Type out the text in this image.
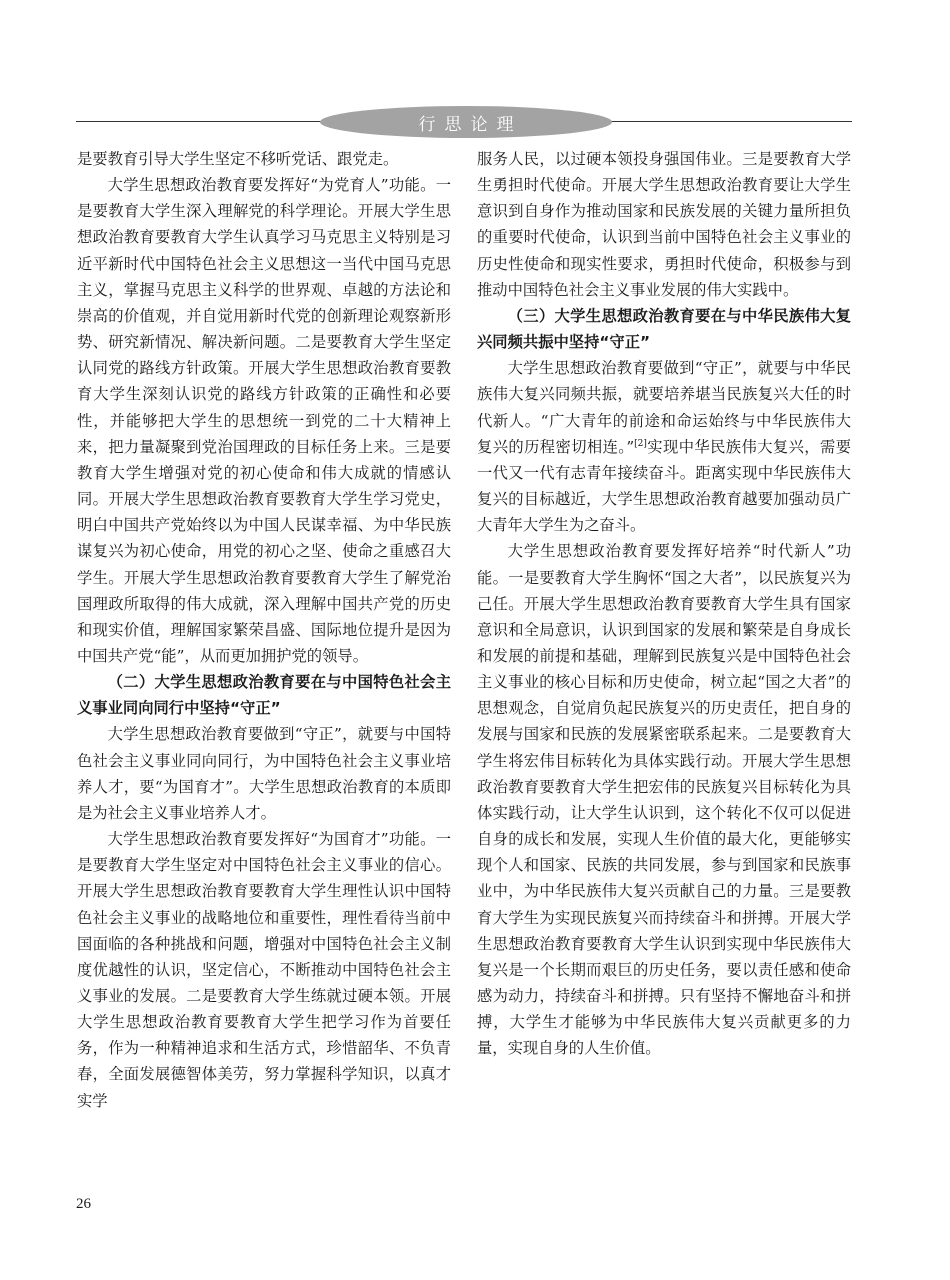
行思论理

是要教育引导大学生坚定不移听党话、跟党走。

大学生思想政治教育要发挥好“为党育人”功能。一是要教育大学生深入理解党的科学理论。开展大学生思想政治教育要教育大学生认真学习马克思主义特别是习近平新时代中国特色社会主义思想这一当代中国马克思主义，掌握马克思主义科学的世界观、卓越的方法论和崇高的价值观，并自觉用新时代党的创新理论观察新形势、研究新情况、解决新问题。二是要教育大学生坚定认同党的路线方针政策。开展大学生思想政治教育要教育大学生深刻认识党的路线方针政策的正确性和必要性，并能够把大学生的思想统一到党的二十大精神上来，把力量凝聚到党治国理政的目标任务上来。三是要教育大学生增强对党的初心使命和伟大成就的情感认同。开展大学生思想政治教育要教育大学生学习党史，明白中国共产党始终以为中国人民谋幸福、为中华民族谋复兴为初心使命，用党的初心之坚、使命之重感召大学生。开展大学生思想政治教育要教育大学生了解党治国理政所取得的伟大成就，深入理解中国共产党的历史和现实价值，理解国家繁荣昌盛、国际地位提升是因为中国共产党“能”，从而更加拥护党的领导。

（二）大学生思想政治教育要在与中国特色社会主义事业同向同行中坚持“守正”

大学生思想政治教育要做到“守正”，就要与中国特色社会主义事业同向同行，为中国特色社会主义事业培养人才，要“为国育才”。大学生思想政治教育的本质即是为社会主义事业培养人才。

大学生思想政治教育要发挥好“为国育才”功能。一是要教育大学生坚定对中国特色社会主义事业的信心。开展大学生思想政治教育要教育大学生理性认识中国特色社会主义事业的战略地位和重要性，理性看待当前中国面临的各种挑战和问题，增强对中国特色社会主义制度优越性的认识，坚定信心，不断推动中国特色社会主义事业的发展。二是要教育大学生练就过硬本领。开展大学生思想政治教育要教育大学生把学习作为首要任务，作为一种精神追求和生活方式，珍惜韶华、不负青春，全面发展德智体美劳，努力掌握科学知识，以真才实学

服务人民，以过硬本领投身强国伟业。三是要教育大学生勇担时代使命。开展大学生思想政治教育要让大学生意识到自身作为推动国家和民族发展的关键力量所担负的重要时代使命，认识到当前中国特色社会主义事业的历史性使命和现实性要求，勇担时代使命，积极参与到推动中国特色社会主义事业发展的伟大实践中。

（三）大学生思想政治教育要在与中华民族伟大复兴同频共振中坚持“守正”

大学生思想政治教育要做到“守正”，就要与中华民族伟大复兴同频共振，就要培养堪当民族复兴大任的时代新人。“广大青年的前途和命运始终与中华民族伟大复兴的历程密切相连。”[2]实现中华民族伟大复兴，需要一代又一代有志青年接续奋斗。距离实现中华民族伟大复兴的目标越近，大学生思想政治教育越要加强动员广大青年大学生为之奋斗。

大学生思想政治教育要发挥好培养“时代新人”功能。一是要教育大学生胸怀“国之大者”，以民族复兴为己任。开展大学生思想政治教育要教育大学生具有国家意识和全局意识，认识到国家的发展和繁荣是自身成长和发展的前提和基础，理解到民族复兴是中国特色社会主义事业的核心目标和历史使命，树立起“国之大者”的思想观念，自觉肩负起民族复兴的历史责任，把自身的发展与国家和民族的发展紧密联系起来。二是要教育大学生将宏伟目标转化为具体实践行动。开展大学生思想政治教育要教育大学生把宏伟的民族复兴目标转化为具体实践行动，让大学生认识到，这个转化不仅可以促进自身的成长和发展，实现人生价值的最大化，更能够实现个人和国家、民族的共同发展，参与到国家和民族事业中，为中华民族伟大复兴贡献自己的力量。三是要教育大学生为实现民族复兴而持续奋斗和拼搏。开展大学生思想政治教育要教育大学生认识到实现中华民族伟大复兴是一个长期而艰巨的历史任务，要以责任感和使命感为动力，持续奋斗和拼搏。只有坚持不懈地奋斗和拼搏，大学生才能够为中华民族伟大复兴贡献更多的力量，实现自身的人生价值。

26
